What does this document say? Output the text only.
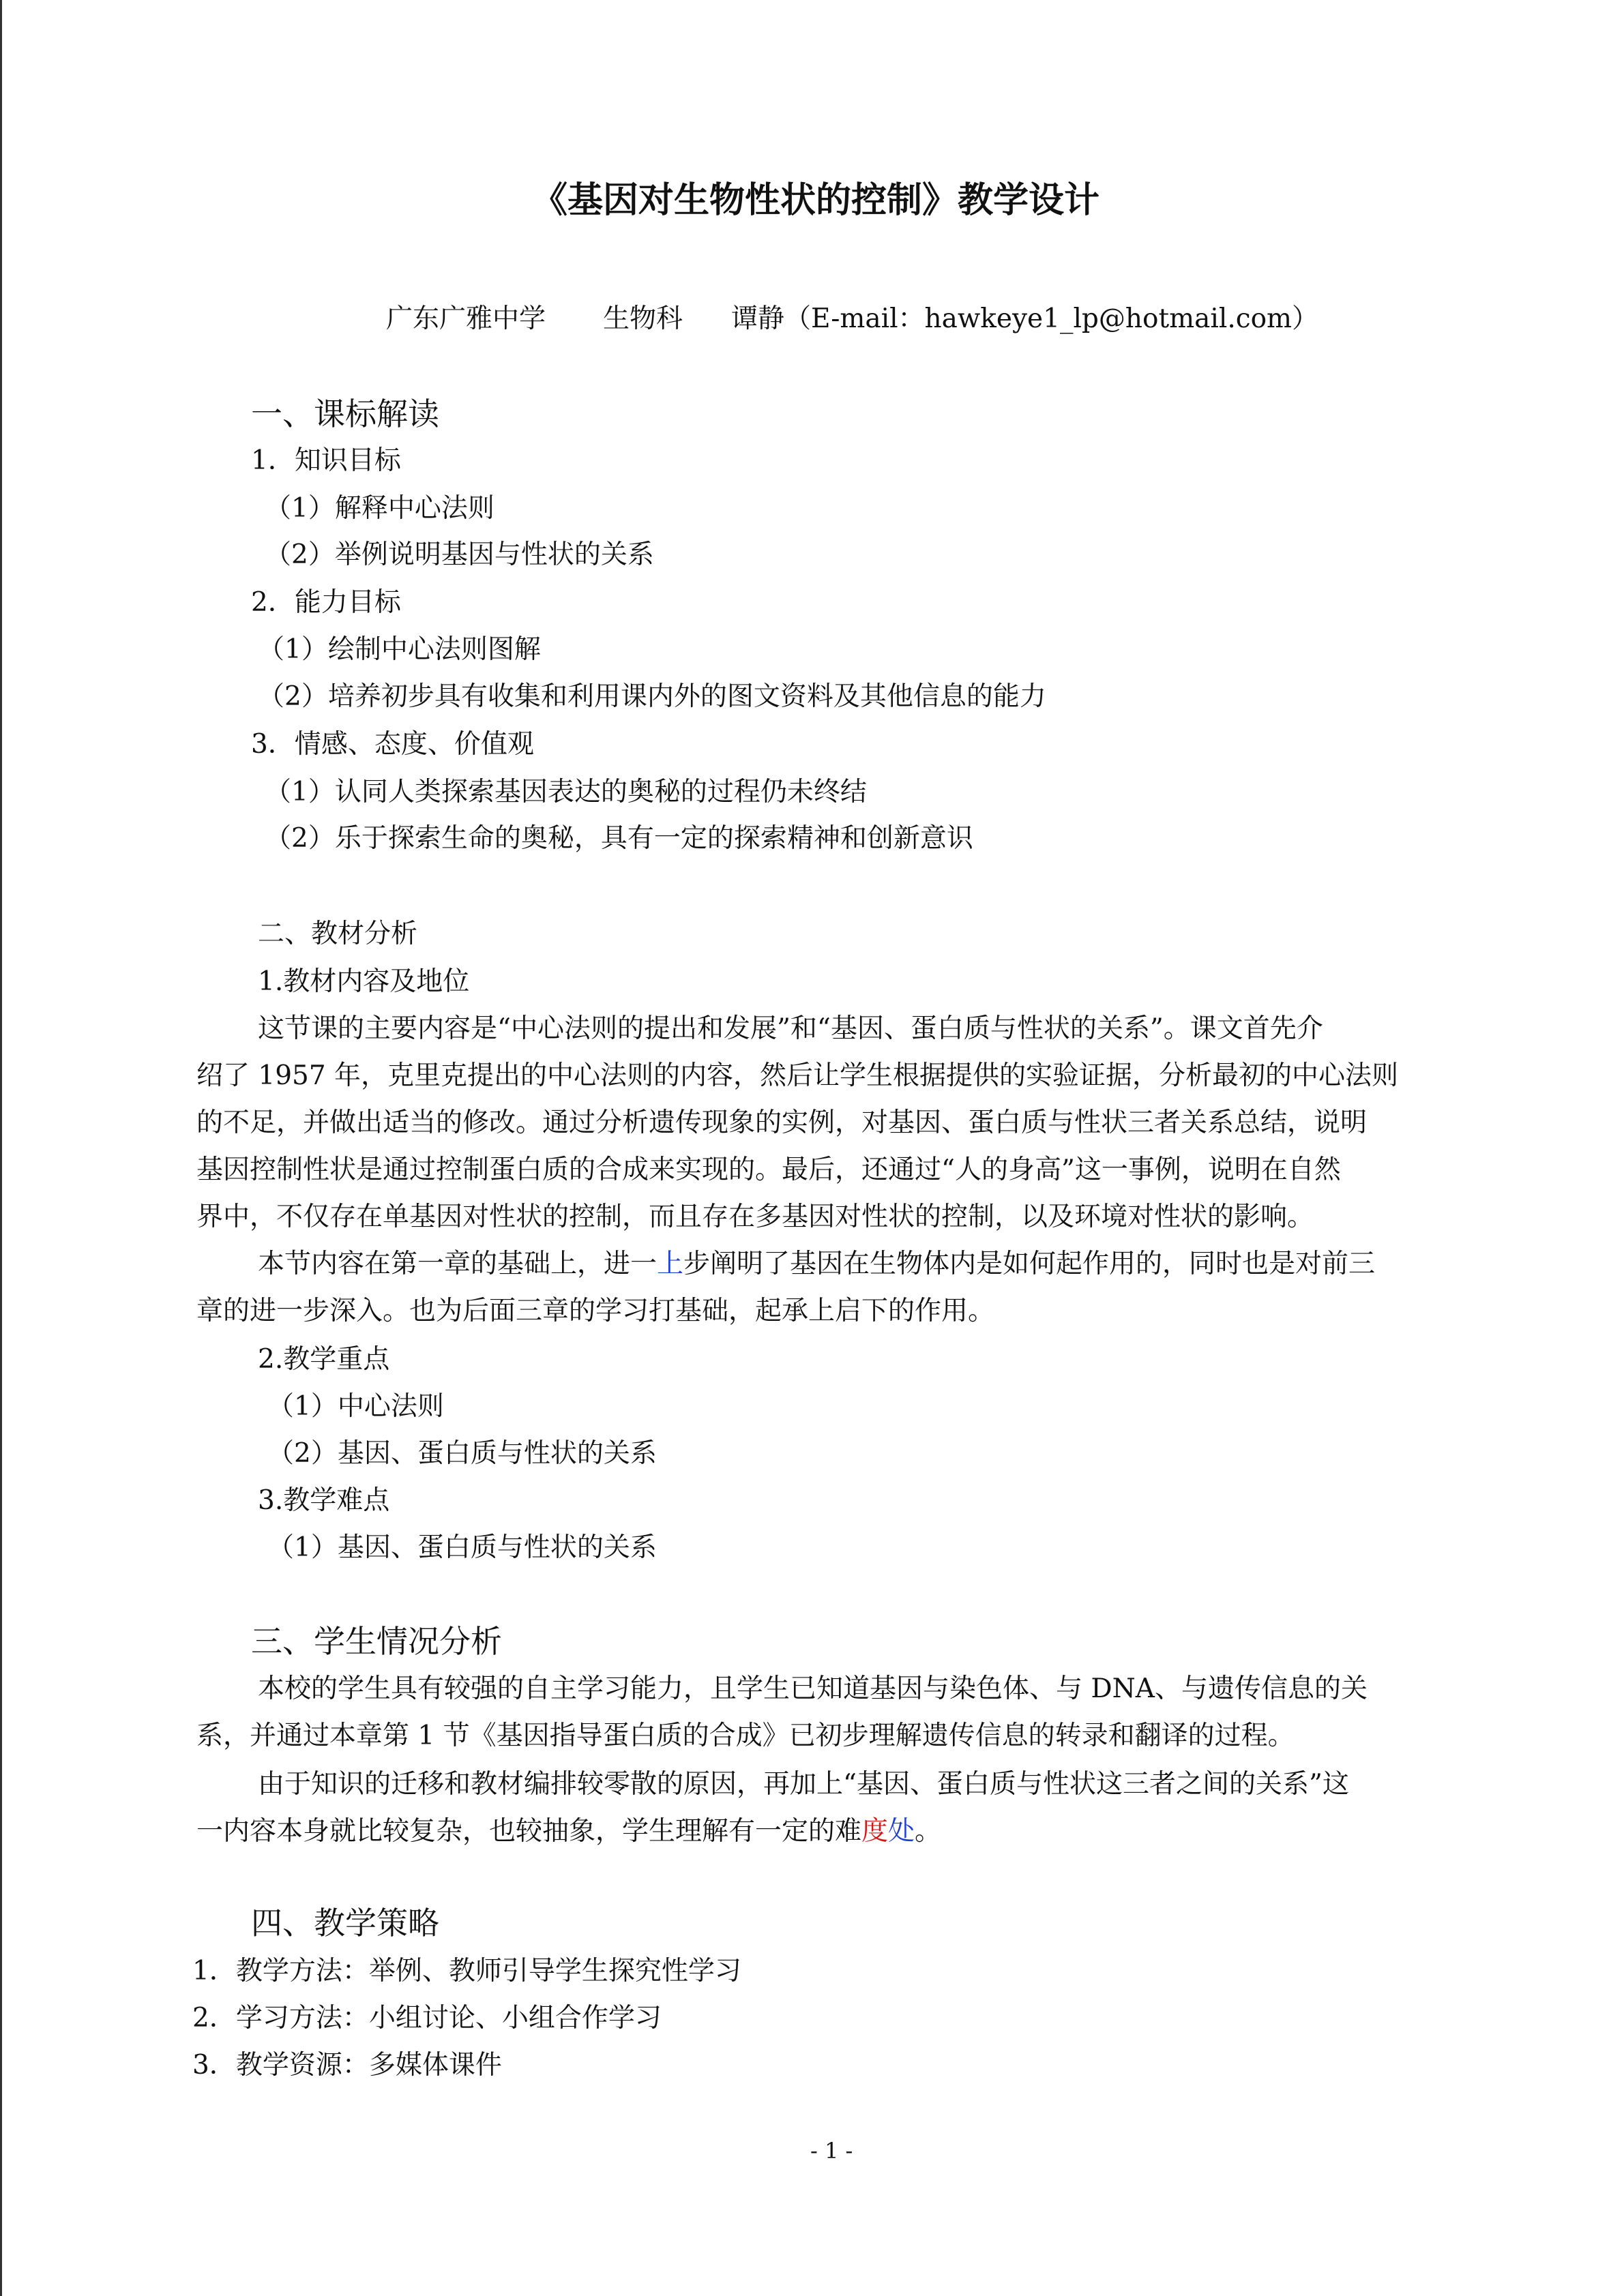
《基因对生物性状的控制》教学设计
广东广雅中学 生物科 谭静（E-mail：hawkeye1_lp@hotmail.com）
一、课标解读
1．知识目标
（1）解释中心法则
（2）举例说明基因与性状的关系
2．能力目标
（1）绘制中心法则图解
（2）培养初步具有收集和利用课内外的图文资料及其他信息的能力
3．情感、态度、价值观
（1）认同人类探索基因表达的奥秘的过程仍未终结
（2）乐于探索生命的奥秘，具有一定的探索精神和创新意识
二、教材分析
1.教材内容及地位
这节课的主要内容是“中心法则的提出和发展”和“基因、蛋白质与性状的关系”。课文首先介
绍了 1957 年，克里克提出的中心法则的内容，然后让学生根据提供的实验证据，分析最初的中心法则
的不足，并做出适当的修改。通过分析遗传现象的实例，对基因、蛋白质与性状三者关系总结，说明
基因控制性状是通过控制蛋白质的合成来实现的。最后，还通过“人的身高”这一事例，说明在自然
界中，不仅存在单基因对性状的控制，而且存在多基因对性状的控制，以及环境对性状的影响。
本节内容在第一章的基础上，进一上步阐明了基因在生物体内是如何起作用的，同时也是对前三
章的进一步深入。也为后面三章的学习打基础，起承上启下的作用。
2.教学重点
（1）中心法则
（2）基因、蛋白质与性状的关系
3.教学难点
（1）基因、蛋白质与性状的关系
三、学生情况分析
本校的学生具有较强的自主学习能力，且学生已知道基因与染色体、与 DNA、与遗传信息的关
系，并通过本章第 1 节《基因指导蛋白质的合成》已初步理解遗传信息的转录和翻译的过程。
由于知识的迁移和教材编排较零散的原因，再加上“基因、蛋白质与性状这三者之间的关系”这
一内容本身就比较复杂，也较抽象，学生理解有一定的难度处。
四、教学策略
1．教学方法：举例、教师引导学生探究性学习
2．学习方法：小组讨论、小组合作学习
3．教学资源：多媒体课件
- 1 -
